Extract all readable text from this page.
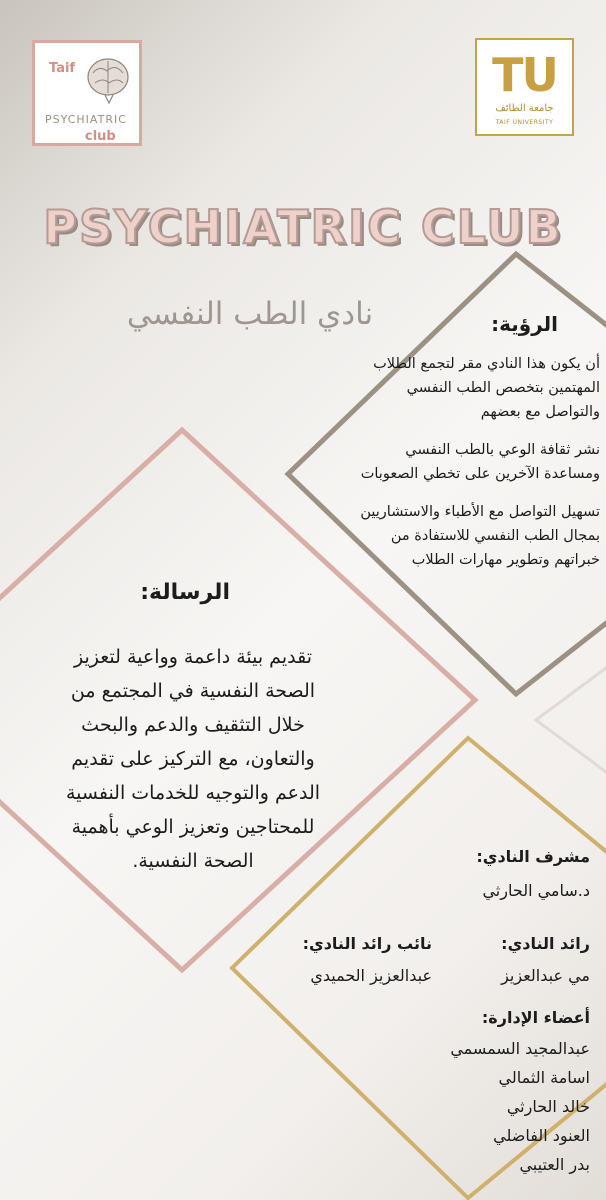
Taif
PSYCHIATRIC
club
TU
جامعة الطائف
TAIF UNIVERSITY
PSYCHIATRIC CLUB
نادي الطب النفسي	الرؤية:
• أن يكون هذا النادي مقر لتجمع الطلاب المهتمين بتخصص الطب النفسي والتواصل مع بعضهم
• نشر ثقافة الوعي بالطب النفسي ومساعدة الآخرين على تخطي الصعوبات
• تسهيل التواصل مع الأطباء والاستشاريين بمجال الطب النفسي للاستفادة من خبراتهم وتطوير مهارات الطلاب
الرسالة:

تقديم بيئة داعمة وواعية لتعزيز الصحة النفسية في المجتمع من خلال التثقيف والدعم والبحث والتعاون، مع التركيز على تقديم الدعم والتوجيه للخدمات النفسية للمحتاجين وتعزيز الوعي بأهمية الصحة النفسية.	مشرف النادي:
د.سامي الحارثي
رائد النادي:
مي عبدالعزيز
نائب رائد النادي:
عبدالعزيز الحميدي
أعضاء الإدارة:
عبدالمجيد السمسمي
اسامة الثمالي
خالد الحارثي
العنود الفاضلي
بدر العتيبي
